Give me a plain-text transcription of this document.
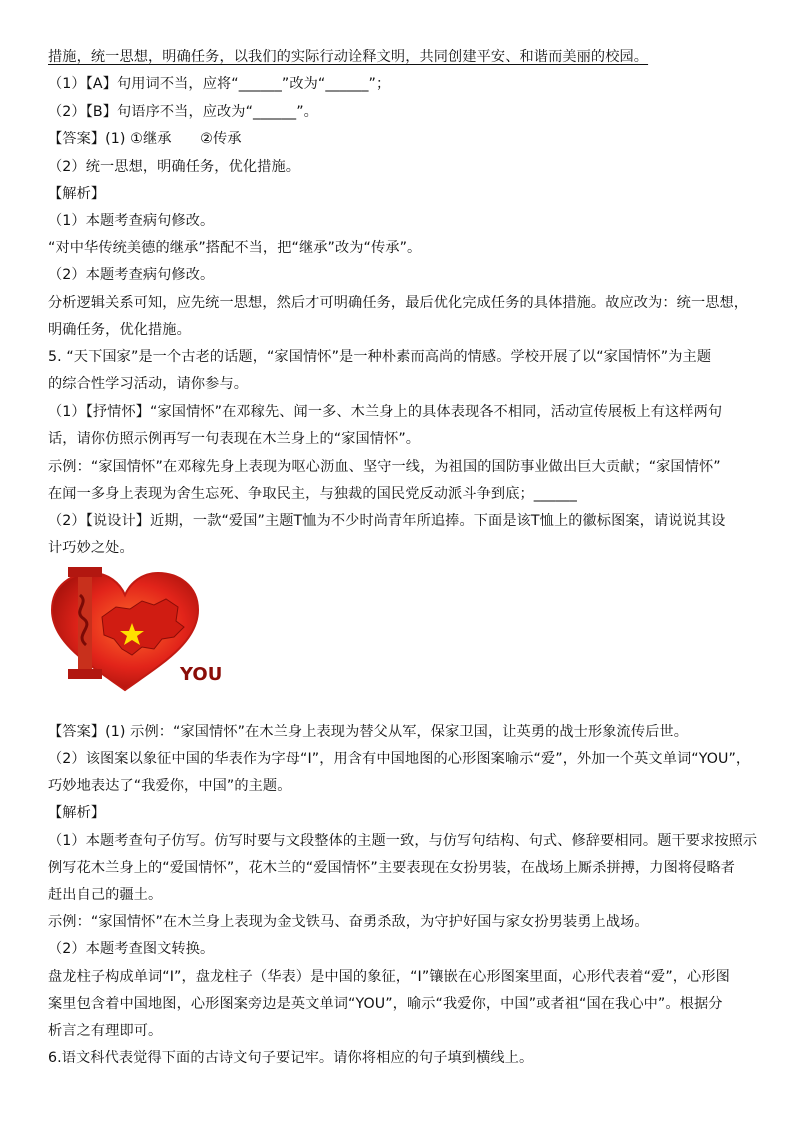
措施，统一思想，明确任务，以我们的实际行动诠释文明，共同创建平安、和谐而美丽的校园。
（1）【A】句用词不当，应将“______”改为“______”；
（2）【B】句语序不当，应改为“______”。
【答案】(1) ①继承　　②传承
（2）统一思想，明确任务，优化措施。
【解析】
（1）本题考查病句修改。
“对中华传统美德的继承”搭配不当，把“继承”改为“传承”。
（2）本题考查病句修改。
分析逻辑关系可知，应先统一思想，然后才可明确任务，最后优化完成任务的具体措施。故应改为：统一思想，
明确任务，优化措施。
5. “天下国家”是一个古老的话题，“家国情怀”是一种朴素而高尚的情感。学校开展了以“家国情怀”为主题
的综合性学习活动，请你参与。
（1）【抒情怀】“家国情怀”在邓稼先、闻一多、木兰身上的具体表现各不相同，活动宣传展板上有这样两句
话，请你仿照示例再写一句表现在木兰身上的“家国情怀”。
示例：“家国情怀”在邓稼先身上表现为呕心沥血、坚守一线，为祖国的国防事业做出巨大贡献；“家国情怀”
在闻一多身上表现为舍生忘死、争取民主，与独裁的国民党反动派斗争到底；______
（2）【说设计】近期，一款“爱国”主题T恤为不少时尚青年所追捧。下面是该T恤上的徽标图案，请说说其设
计巧妙之处。
YOU
【答案】(1) 示例：“家国情怀”在木兰身上表现为替父从军，保家卫国，让英勇的战士形象流传后世。
（2）该图案以象征中国的华表作为字母“I”，用含有中国地图的心形图案喻示“爱”，外加一个英文单词“YOU”，
巧妙地表达了“我爱你，中国”的主题。
【解析】
（1）本题考查句子仿写。仿写时要与文段整体的主题一致，与仿写句结构、句式、修辞要相同。题干要求按照示
例写花木兰身上的“爱国情怀”，花木兰的“爱国情怀”主要表现在女扮男装，在战场上厮杀拼搏，力图将侵略者
赶出自己的疆土。
示例：“家国情怀”在木兰身上表现为金戈铁马、奋勇杀敌，为守护好国与家女扮男装勇上战场。
（2）本题考查图文转换。
盘龙柱子构成单词“I”，盘龙柱子（华表）是中国的象征，“I”镶嵌在心形图案里面，心形代表着“爱”，心形图
案里包含着中国地图，心形图案旁边是英文单词“YOU”，喻示“我爱你，中国”或者祖“国在我心中”。根据分
析言之有理即可。
6.语文科代表觉得下面的古诗文句子要记牢。请你将相应的句子填到横线上。
